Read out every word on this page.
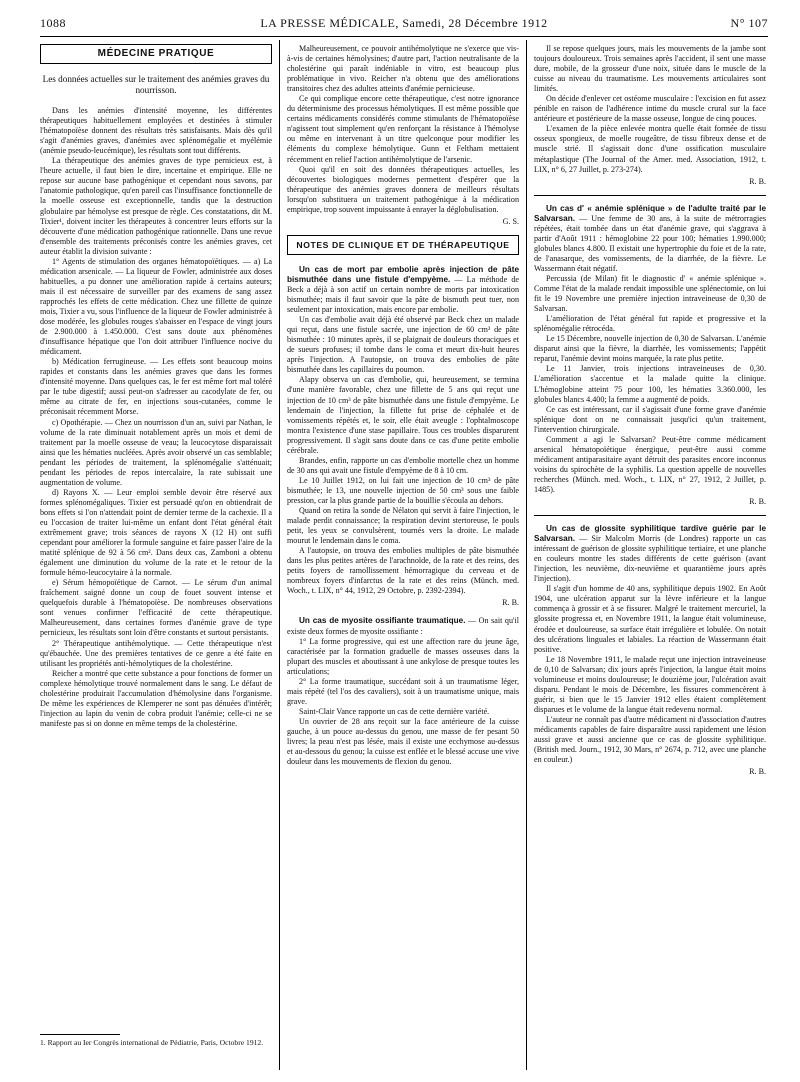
1088	LA PRESSE MÉDICALE, Samedi, 28 Décembre 1912	N° 107
MÉDECINE PRATIQUE
Les données actuelles sur le traitement des anémies graves du nourrisson.

Dans les anémies d'intensité moyenne, les différentes thérapeutiques habituellement employées et destinées à stimuler l'hématopoïèse donnent des résultats très satisfaisants. Mais dès qu'il s'agit d'anémies graves, d'anémies avec splénomégalie et myélémie (anémie pseudo-leucémique), les résultats sont tout différents.

La thérapeutique des anémies graves de type pernicieux est, à l'heure actuelle, il faut bien le dire, incertaine et empirique. Elle ne repose sur aucune base pathogénique et cependant nous savons, par l'anatomie pathologique, qu'en pareil cas l'insuffisance fonctionnelle de la moelle osseuse est exceptionnelle, tandis que la destruction globulaire par hémolyse est presque de règle. Ces constatations, dit M. Tixier¹, doivent inciter les thérapeutes à concentrer leurs efforts sur la découverte d'une médication pathogénique rationnelle. Dans une revue d'ensemble des traitements préconisés contre les anémies graves, cet auteur établit la division suivante :

1° Agents de stimulation des organes hématopoïétiques. — a) La médication arsenicale. — La liqueur de Fowler, administrée aux doses habituelles, a pu donner une amélioration rapide à certains auteurs; mais il est nécessaire de surveiller par des examens de sang assez rapprochés les effets de cette médication. Chez une fillette de quinze mois, Tixier a vu, sous l'influence de la liqueur de Fowler administrée à dose modérée, les globules rouges s'abaisser en l'espace de vingt jours de 2.900.000 à 1.450.000. C'est sans doute aux phénomènes d'insuffisance hépatique que l'on doit attribuer l'influence nocive du médicament.

b) Médication ferrugineuse. — Les effets sont beaucoup moins rapides et constants dans les anémies graves que dans les formes d'intensité moyenne. Dans quelques cas, le fer est même fort mal toléré par le tube digestif; aussi peut-on s'adresser au cacodylate de fer, ou même au citrate de fer, en injections sous-cutanées, comme le préconisait récemment Morse.

c) Opothérapie. — Chez un nourrisson d'un an, suivi par Nathan, le volume de la rate diminuait notablement après un mois et demi de traitement par la moelle osseuse de veau; la leucocytose disparaissait ainsi que les hématies nucléées. Après avoir observé un cas semblable; pendant les périodes de traitement, la splénomégalie s'atténuait; pendant les périodes de repos intercalaire, la rate subissait une augmentation de volume.

d) Rayons X. — Leur emploi semble devoir être réservé aux formes splénomégaliques. Tixier est persuadé qu'on en obtiendrait de bons effets si l'on n'attendait point de dernier terme de la cachexie. Il a eu l'occasion de traiter lui-même un enfant dont l'état général était extrêmement grave; trois séances de rayons X (12 H) ont suffi cependant pour améliorer la formule sanguine et faire passer l'aire de la matité splénique de 92 à 56 cm². Dans deux cas, Zamboni a obtenu également une diminution du volume de la rate et le retour de la formule hémo-leucocytaire à la normale.

e) Sérum hémopoïétique de Carnot. — Le sérum d'un animal fraîchement saigné donne un coup de fouet souvent intense et quelquefois durable à l'hématopoïèse. De nombreuses observations sont venues confirmer l'efficacité de cette thérapeutique. Malheureusement, dans certaines formes d'anémie grave de type pernicieux, les résultats sont loin d'être constants et surtout persistants.

2° Thérapeutique antihémolytique. — Cette thérapeutique n'est qu'ébauchée. Une des premières tentatives de ce genre a été faite en utilisant les propriétés anti-hémolytiques de la cholestérine.

Reicher a montré que cette substance a pour fonctions de former un complexe hémolytique trouvé normalement dans le sang. Le défaut de cholestérine produirait l'accumulation d'hémolysine dans l'organisme. De même les expériences de Klemperer ne sont pas dénuées d'intérêt; l'injection au lapin du venin de cobra produit l'anémie; celle-ci ne se manifeste pas si on donne en même temps de la cholestérine.

1. Rapport au Ier Congrès international de Pédiatrie, Paris, Octobre 1912.

Malheureusement, ce pouvoir antihémolytique ne s'exerce que vis-à-vis de certaines hémolysines; d'autre part, l'action neutralisante de la cholestérine qui paraît indéniable in vitro, est beaucoup plus problématique in vivo. Reicher n'a obtenu que des améliorations transitoires chez des adultes atteints d'anémie pernicieuse.

Ce qui complique encore cette thérapeutique, c'est notre ignorance du déterminisme des processus hémolytiques. Il est même possible que certains médicaments considérés comme stimulants de l'hématopoïèse n'agissent tout simplement qu'en renforçant la résistance à l'hémolyse ou même en intervenant à un titre quelconque pour modifier les éléments du complexe hémolytique. Gunn et Feltham mettaient récemment en relief l'action antihémolytique de l'arsenic.

Quoi qu'il en soit des données thérapeutiques actuelles, les découvertes biologiques modernes permettent d'espérer que la thérapeutique des anémies graves donnera de meilleurs résultats lorsqu'on substituera un traitement pathogénique à la médication empirique, trop souvent impuissante à enrayer la déglobulisation.

G. S.
NOTES DE CLINIQUE ET DE THÉRAPEUTIQUE

Un cas de mort par embolie après injection de pâte bismuthée dans une fistule d'empyème. — La méthode de Beck a déjà à son actif un certain nombre de morts par intoxication bismuthée; mais il faut savoir que la pâte de bismuth peut tuer, non seulement par intoxication, mais encore par embolie.

Un cas d'embolie avait déjà été observé par Beck chez un malade qui reçut, dans une fistule sacrée, une injection de 60 cm³ de pâte bismuthée : 10 minutes après, il se plaignait de douleurs thoraciques et de sueurs profuses; il tombe dans le coma et meurt dix-huit heures après l'injection. A l'autopsie, on trouva des embolies de pâte bismuthée dans les capillaires du poumon.

Alapy observa un cas d'embolie, qui, heureusement, se termina d'une manière favorable, chez une fillette de 5 ans qui reçut une injection de 10 cm³ de pâte bismuthée dans une fistule d'empyème. Le lendemain de l'injection, la fillette fut prise de céphalée et de vomissements répétés et, le soir, elle était aveugle : l'ophtalmoscope montra l'existence d'une stase papillaire. Tous ces troubles disparurent progressivement. Il s'agit sans doute dans ce cas d'une petite embolie cérébrale.

Brandes, enfin, rapporte un cas d'embolie mortelle chez un homme de 30 ans qui avait une fistule d'empyème de 8 à 10 cm.

Le 10 Juillet 1912, on lui fait une injection de 10 cm³ de pâte bismuthée; le 13, une nouvelle injection de 50 cm³ sous une faible pression, car la plus grande partie de la bouillie s'écoula au dehors.

Quand on retira la sonde de Nélaton qui servit à faire l'injection, le malade perdit connaissance; la respiration devint stertoreuse, le pouls petit, les yeux se convulsèrent, tournés vers la droite. Le malade mourut le lendemain dans le coma.

A l'autopsie, on trouva des embolies multiples de pâte bismuthée dans les plus petites artères de l'arachnoïde, de la rate et des reins, des petits foyers de ramollissement hémorragique du cerveau et de nombreux foyers d'infarctus de la rate et des reins (Münch. med. Woch., t. LIX, n° 44, 1912, 29 Octobre, p. 2392-2394).

R. B.

Un cas de myosite ossifiante traumatique. — On sait qu'il existe deux formes de myosite ossifiante :

1° La forme progressive, qui est une affection rare du jeune âge, caractérisée par la formation graduelle de masses osseuses dans la plupart des muscles et aboutissant à une ankylose de presque toutes les articulations;

2° La forme traumatique, succédant soit à un traumatisme léger, mais répété (tel l'os des cavaliers), soit à un traumatisme unique, mais grave.

Saint-Clair Vance rapporte un cas de cette dernière variété.

Un ouvrier de 28 ans reçoit sur la face antérieure de la cuisse gauche, à un pouce au-dessus du genou, une masse de fer pesant 50 livres; la peau n'est pas lésée, mais il existe une ecchymose au-dessus et au-dessous du genou; la cuisse est enflée et le blessé accuse une vive douleur dans les mouvements de flexion du genou.

Il se repose quelques jours, mais les mouvements de la jambe sont toujours douloureux. Trois semaines après l'accident, il sent une masse dure, mobile, de la grosseur d'une noix, située dans le muscle de la cuisse au niveau du traumatisme. Les mouvements articulaires sont limités.

On décide d'enlever cet ostéome musculaire : l'excision en fut assez pénible en raison de l'adhérence intime du muscle crural sur la face antérieure et postérieure de la masse osseuse, longue de cinq pouces.

L'examen de la pièce enlevée montra quelle était formée de tissu osseux spongieux, de moelle rougeâtre, de tissu fibreux dense et de muscle strié. Il s'agissait donc d'une ossification musculaire métaplastique (The Journal of the Amer. med. Association, 1912, t. LIX, n° 6, 27 Juillet, p. 273-274).

R. B.

Un cas d' « anémie splénique » de l'adulte traité par le Salvarsan. — Une femme de 30 ans, à la suite de métrorragies répétées, était tombée dans un état d'anémie grave, qui s'aggrava à partir d'Août 1911 : hémoglobine 22 pour 100; hématies 1.990.000; globules blancs 4.800. Il existait une hypertrophie du foie et de la rate, de l'anasarque, des vomissements, de la diarrhée, de la fièvre. Le Wassermann était négatif.

Percussia (de Milan) fit le diagnostic d' « anémie splénique ». Comme l'état de la malade rendait impossible une splénectomie, on lui fit le 19 Novembre une première injection intraveineuse de 0,30 de Salvarsan.

L'amélioration de l'état général fut rapide et progressive et la splénomégalie rétrocéda.

Le 15 Décembre, nouvelle injection de 0,30 de Salvarsan. L'anémie disparut ainsi que la fièvre, la diarrhée, les vomissements; l'appétit reparut, l'anémie devint moins marquée, la rate plus petite.

Le 11 Janvier, trois injections intraveineuses de 0,30. L'amélioration s'accentue et la malade quitte la clinique. L'hémoglobine atteint 75 pour 100, les hématies 3.360.000, les globules blancs 4.400; la femme a augmenté de poids.

Ce cas est intéressant, car il s'agissait d'une forme grave d'anémie splénique dont on ne connaissait jusqu'ici qu'un traitement, l'intervention chirurgicale.

Comment a agi le Salvarsan? Peut-être comme médicament arsenical hématopoïétique énergique, peut-être aussi comme médicament antiparasitaire ayant détruit des parasites encore inconnus voisins du spirochète de la syphilis. La question appelle de nouvelles recherches (Münch. med. Woch., t. LIX, n° 27, 1912, 2 Juillet, p. 1485).

R. B.

Un cas de glossite syphilitique tardive guérie par le Salvarsan. — Sir Malcolm Morris (de Londres) rapporte un cas intéressant de guérison de glossite syphilitique tertiaire, et une planche en couleurs montre les stades différents de cette guérison (avant l'injection, les neuvième, dix-neuvième et quarantième jours après l'injection).

Il s'agit d'un homme de 40 ans, syphilitique depuis 1902. En Août 1904, une ulcération apparut sur la lèvre inférieure et la langue commença à grossir et à se fissurer. Malgré le traitement mercuriel, la glossite progressa et, en Novembre 1911, la langue était volumineuse, érodée et douloureuse, sa surface était irrégulière et lobulée. On notait des ulcérations linguales et labiales. La réaction de Wassermann était positive.

Le 18 Novembre 1911, le malade reçut une injection intraveineuse de 0,10 de Salvarsan; dix jours après l'injection, la langue était moins volumineuse et moins douloureuse; le douzième jour, l'ulcération avait disparu. Pendant le mois de Décembre, les fissures commencèrent à guérir, si bien que le 15 Janvier 1912 elles étaient complètement disparues et le volume de la langue était redevenu normal.

L'auteur ne connaît pas d'autre médicament ni d'association d'autres médicaments capables de faire disparaître aussi rapidement une lésion aussi grave et aussi ancienne que ce cas de glossite syphilitique. (British med. Journ., 1912, 30 Mars, n° 2674, p. 712, avec une planche en couleur.)

R. B.
